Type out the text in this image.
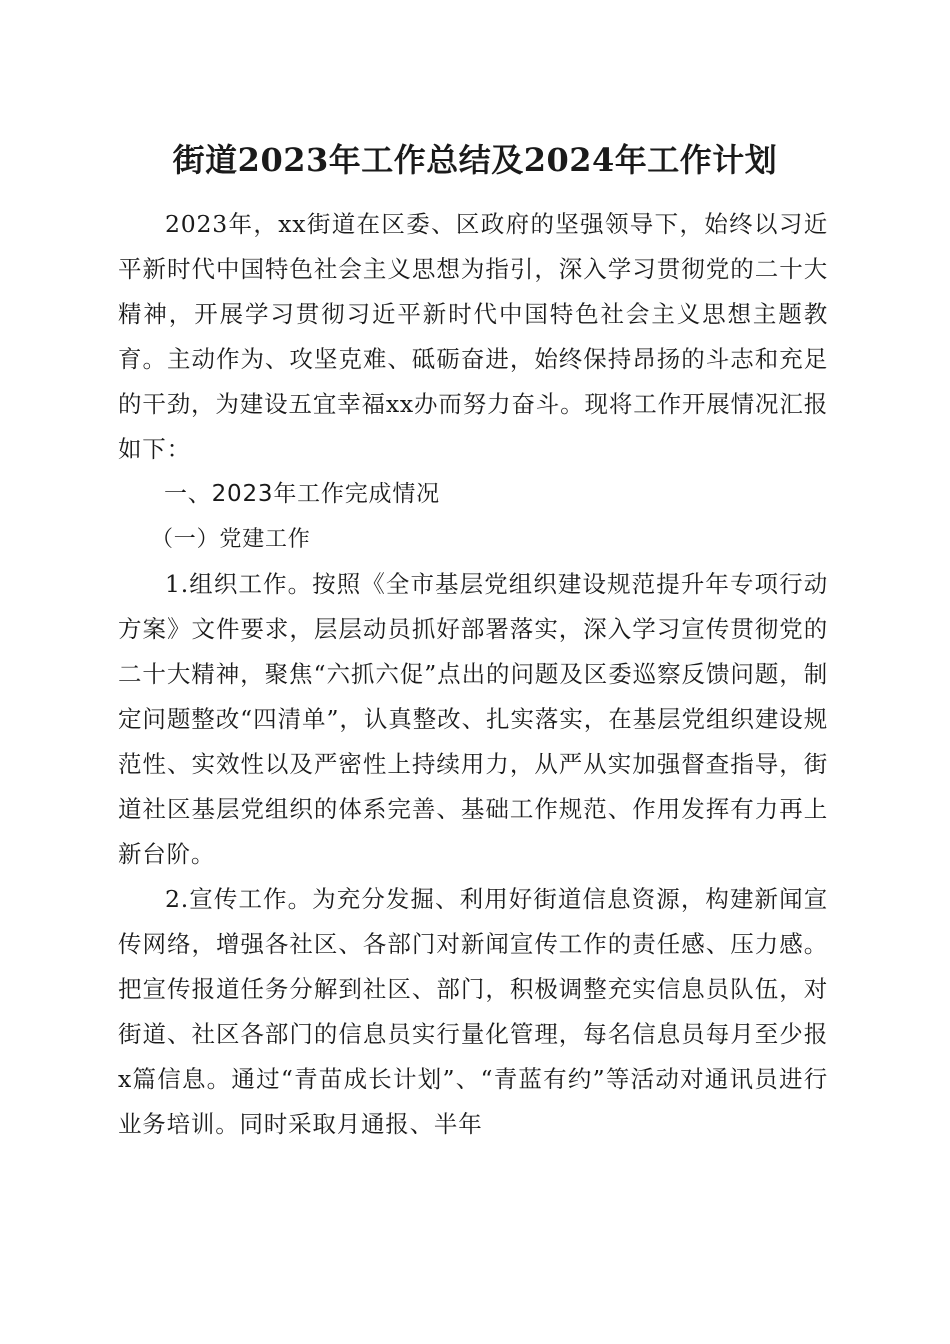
街道2023年工作总结及2024年工作计划

2023年，xx街道在区委、区政府的坚强领导下，始终以习近平新时代中国特色社会主义思想为指引，深入学习贯彻党的二十大精神，开展学习贯彻习近平新时代中国特色社会主义思想主题教育。主动作为、攻坚克难、砥砺奋进，始终保持昂扬的斗志和充足的干劲，为建设五宜幸福xx办而努力奋斗。现将工作开展情况汇报如下：

一、2023年工作完成情况

（一）党建工作

1.组织工作。按照《全市基层党组织建设规范提升年专项行动方案》文件要求，层层动员抓好部署落实，深入学习宣传贯彻党的二十大精神，聚焦“六抓六促”点出的问题及区委巡察反馈问题，制定问题整改“四清单”，认真整改、扎实落实，在基层党组织建设规范性、实效性以及严密性上持续用力，从严从实加强督查指导，街道社区基层党组织的体系完善、基础工作规范、作用发挥有力再上新台阶。

2.宣传工作。为充分发掘、利用好街道信息资源，构建新闻宣传网络，增强各社区、各部门对新闻宣传工作的责任感、压力感。把宣传报道任务分解到社区、部门，积极调整充实信息员队伍，对街道、社区各部门的信息员实行量化管理，每名信息员每月至少报x篇信息。通过“青苗成长计划”、“青蓝有约”等活动对通讯员进行业务培训。同时采取月通报、半年
